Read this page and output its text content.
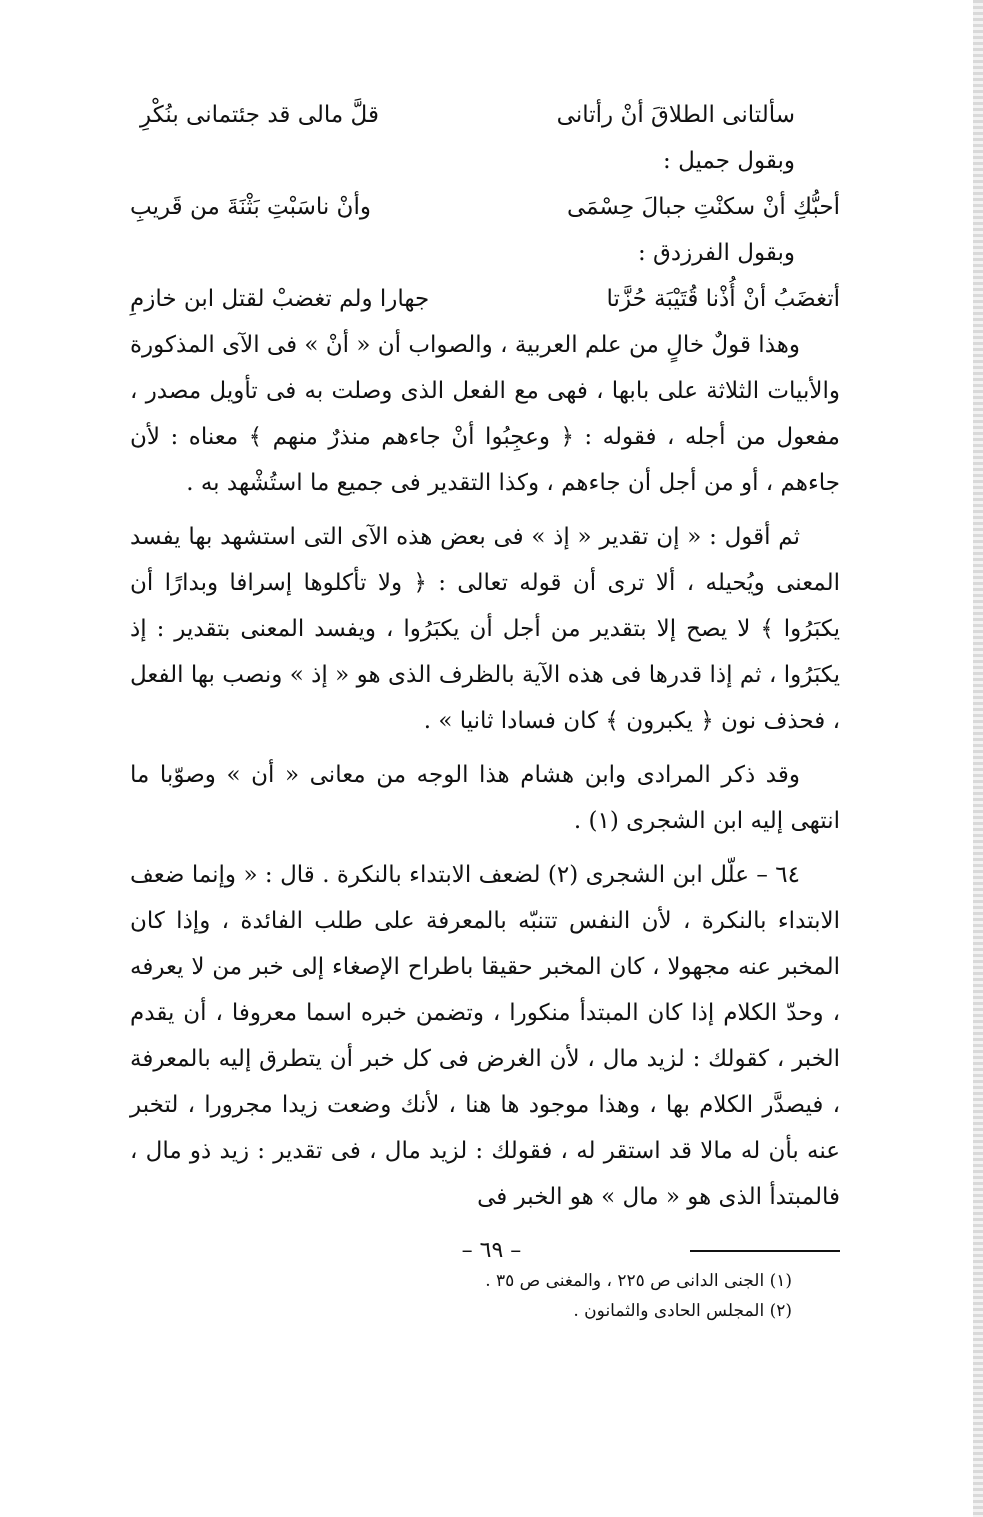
سألتانى الطلاقَ أنْ رأتانى
قلَّ مالى قد جئتمانى بنُكْرِ
وبقول جميل :
أحبُّكِ أنْ سكنْتِ جبالَ حِسْمَى
وأنْ ناسَبْتِ بَثْنَةَ من قَريبِ
وبقول الفرزدق :
أتغضَبُ أنْ أُذْنا قُتَيْبَة حُزَّتا
جهارا ولم تغضبْ لقتل ابن خازمِ

وهذا قولٌ خالٍ من علم العربية ، والصواب أن « أنْ » فى الآى المذكورة والأبيات الثلاثة على بابها ، فهى مع الفعل الذى وصلت به فى تأويل مصدر ، مفعول من أجله ، فقوله : ﴿ وعجِبُوا أنْ جاءهم منذرٌ منهم ﴾ معناه : لأن جاءهم ، أو من أجل أن جاءهم ، وكذا التقدير فى جميع ما استُشْهد به .

ثم أقول : « إن تقدير « إذ » فى بعض هذه الآى التى استشهد بها يفسد المعنى ويُحيله ، ألا ترى أن قوله تعالى : ﴿ ولا تأكلوها إسرافا وبدارًا أن يكبَرُوا ﴾ لا يصح إلا بتقدير من أجل أن يكبَرُوا ، ويفسد المعنى بتقدير : إذ يكبَرُوا ، ثم إذا قدرها فى هذه الآية بالظرف الذى هو « إذ » ونصب بها الفعل ، فحذف نون ﴿ يكبرون ﴾ كان فسادا ثانيا » .

وقد ذكر المرادى وابن هشام هذا الوجه من معانى « أن » وصوّبا ما انتهى إليه ابن الشجرى (١) .

٦٤ – علّل ابن الشجرى (٢) لضعف الابتداء بالنكرة . قال : « وإنما ضعف الابتداء بالنكرة ، لأن النفس تتنبّه بالمعرفة على طلب الفائدة ، وإذا كان المخبر عنه مجهولا ، كان المخبر حقيقا باطراح الإصغاء إلى خبر من لا يعرفه ، وحدّ الكلام إذا كان المبتدأ منكورا ، وتضمن خبره اسما معروفا ، أن يقدم الخبر ، كقولك : لزيد مال ، لأن الغرض فى كل خبر أن يتطرق إليه بالمعرفة ، فيصدَّر الكلام بها ، وهذا موجود ها هنا ، لأنك وضعت زيدا مجرورا ، لتخبر عنه بأن له مالا قد استقر له ، فقولك : لزيد مال ، فى تقدير : زيد ذو مال ، فالمبتدأ الذى هو « مال » هو الخبر فى

(١) الجنى الدانى ص ٢٢٥ ، والمغنى ص ٣٥ .
(٢) المجلس الحادى والثمانون .
– ٦٩ –
